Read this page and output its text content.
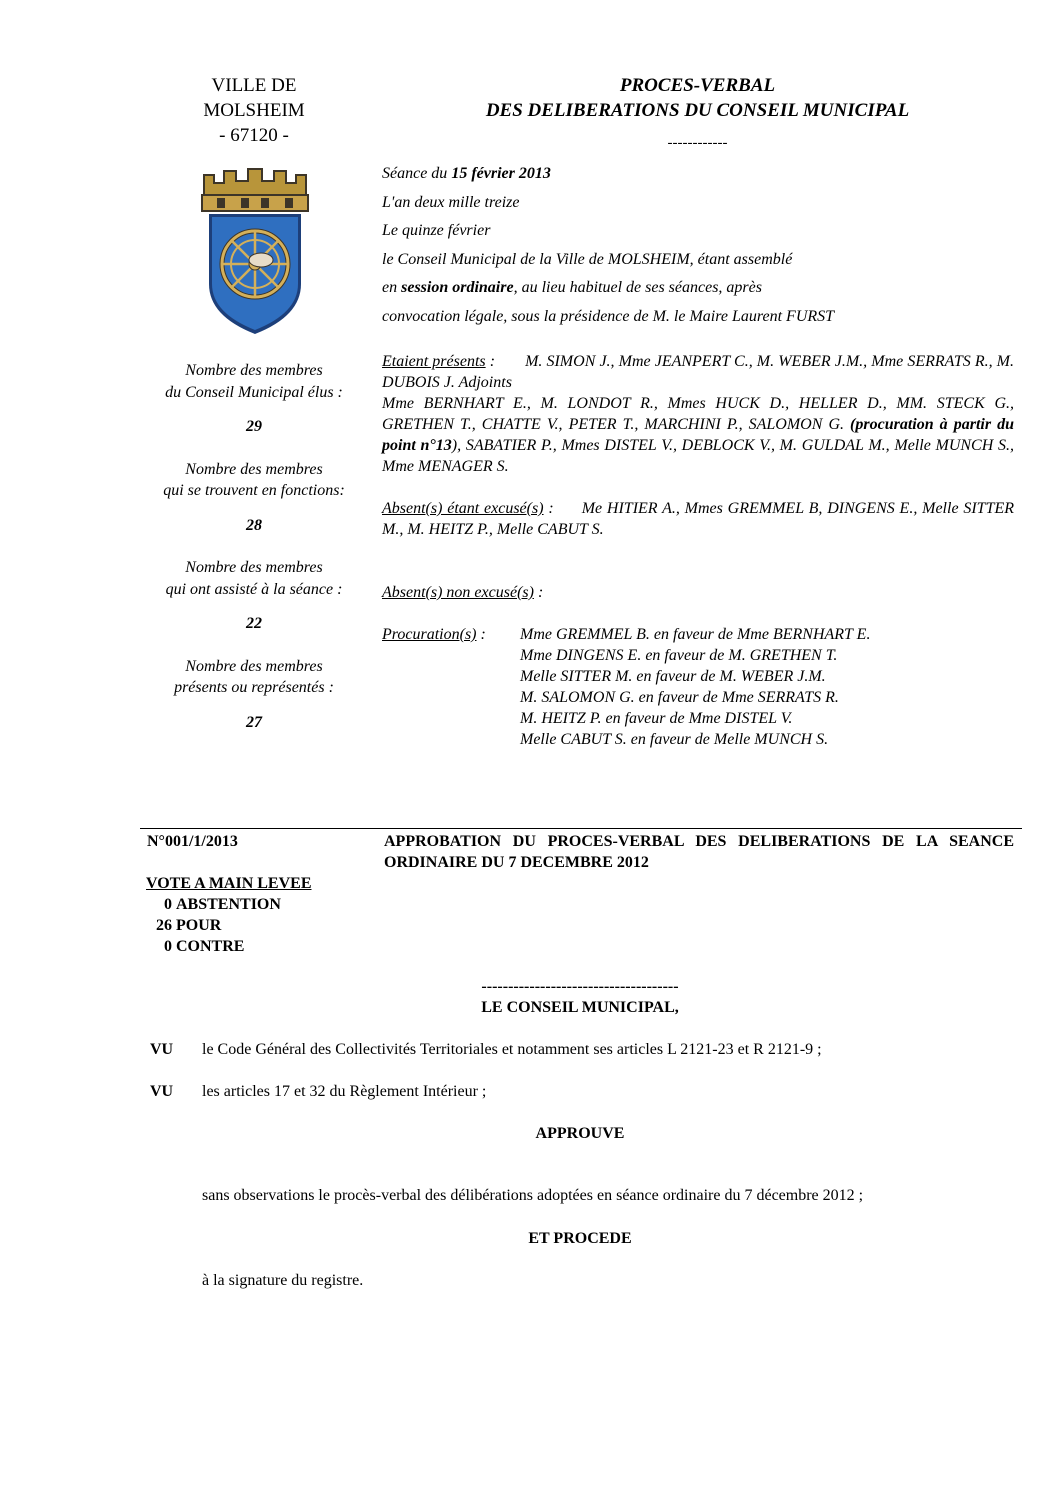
VILLE DE
MOLSHEIM
- 67120 -
PROCES-VERBAL
DES DELIBERATIONS DU CONSEIL MUNICIPAL
------------
Séance du 15 février 2013
L'an deux mille treize
Le quinze février
le Conseil Municipal de la Ville de MOLSHEIM, étant assemblé
en session ordinaire, au lieu habituel de ses séances, après
convocation légale, sous la présidence de M. le Maire Laurent FURST
Nombre des membres
du Conseil Municipal élus :
29
Nombre des membres
qui se trouvent en fonctions:
28
Nombre des membres
qui ont assisté à la séance :
22
Nombre des membres
présents ou représentés :
27

Etaient présents : M. SIMON J., Mme JEANPERT C., M. WEBER J.M., Mme SERRATS R., M. DUBOIS J. Adjoints

Mme BERNHART E., M. LONDOT R., Mmes HUCK D., HELLER D., MM. STECK G., GRETHEN T., CHATTE V., PETER T., MARCHINI P., SALOMON G. (procuration à partir du point n°13), SABATIER P., Mmes DISTEL V., DEBLOCK V., M. GULDAL M., Melle MUNCH S., Mme MENAGER S.

Absent(s) étant excusé(s) : Me HITIER A., Mmes GREMMEL B, DINGENS E., Melle SITTER M., M. HEITZ P., Melle CABUT S.

Absent(s) non excusé(s) :

Procuration(s) :	Mme GREMMEL B. en faveur de Mme BERNHART E.
Mme DINGENS E. en faveur de M. GRETHEN T.
Melle SITTER M. en faveur de M. WEBER J.M.
M. SALOMON G. en faveur de Mme SERRATS R.
M. HEITZ P. en faveur de Mme DISTEL V.
Melle CABUT S. en faveur de Melle MUNCH S.
N°001/1/2013	APPROBATION DU PROCES-VERBAL DES DELIBERATIONS DE LA SEANCE ORDINAIRE DU 7 DECEMBRE 2012
VOTE A MAIN LEVEE
0 ABSTENTION
26 POUR
0 CONTRE
-------------------------------------
LE CONSEIL MUNICIPAL,
VU	le Code Général des Collectivités Territoriales et notamment ses articles L 2121-23 et R 2121-9 ;
VU	les articles 17 et 32 du Règlement Intérieur ;
APPROUVE
sans observations le procès-verbal des délibérations adoptées en séance ordinaire du 7 décembre 2012 ;
ET PROCEDE
à la signature du registre.
